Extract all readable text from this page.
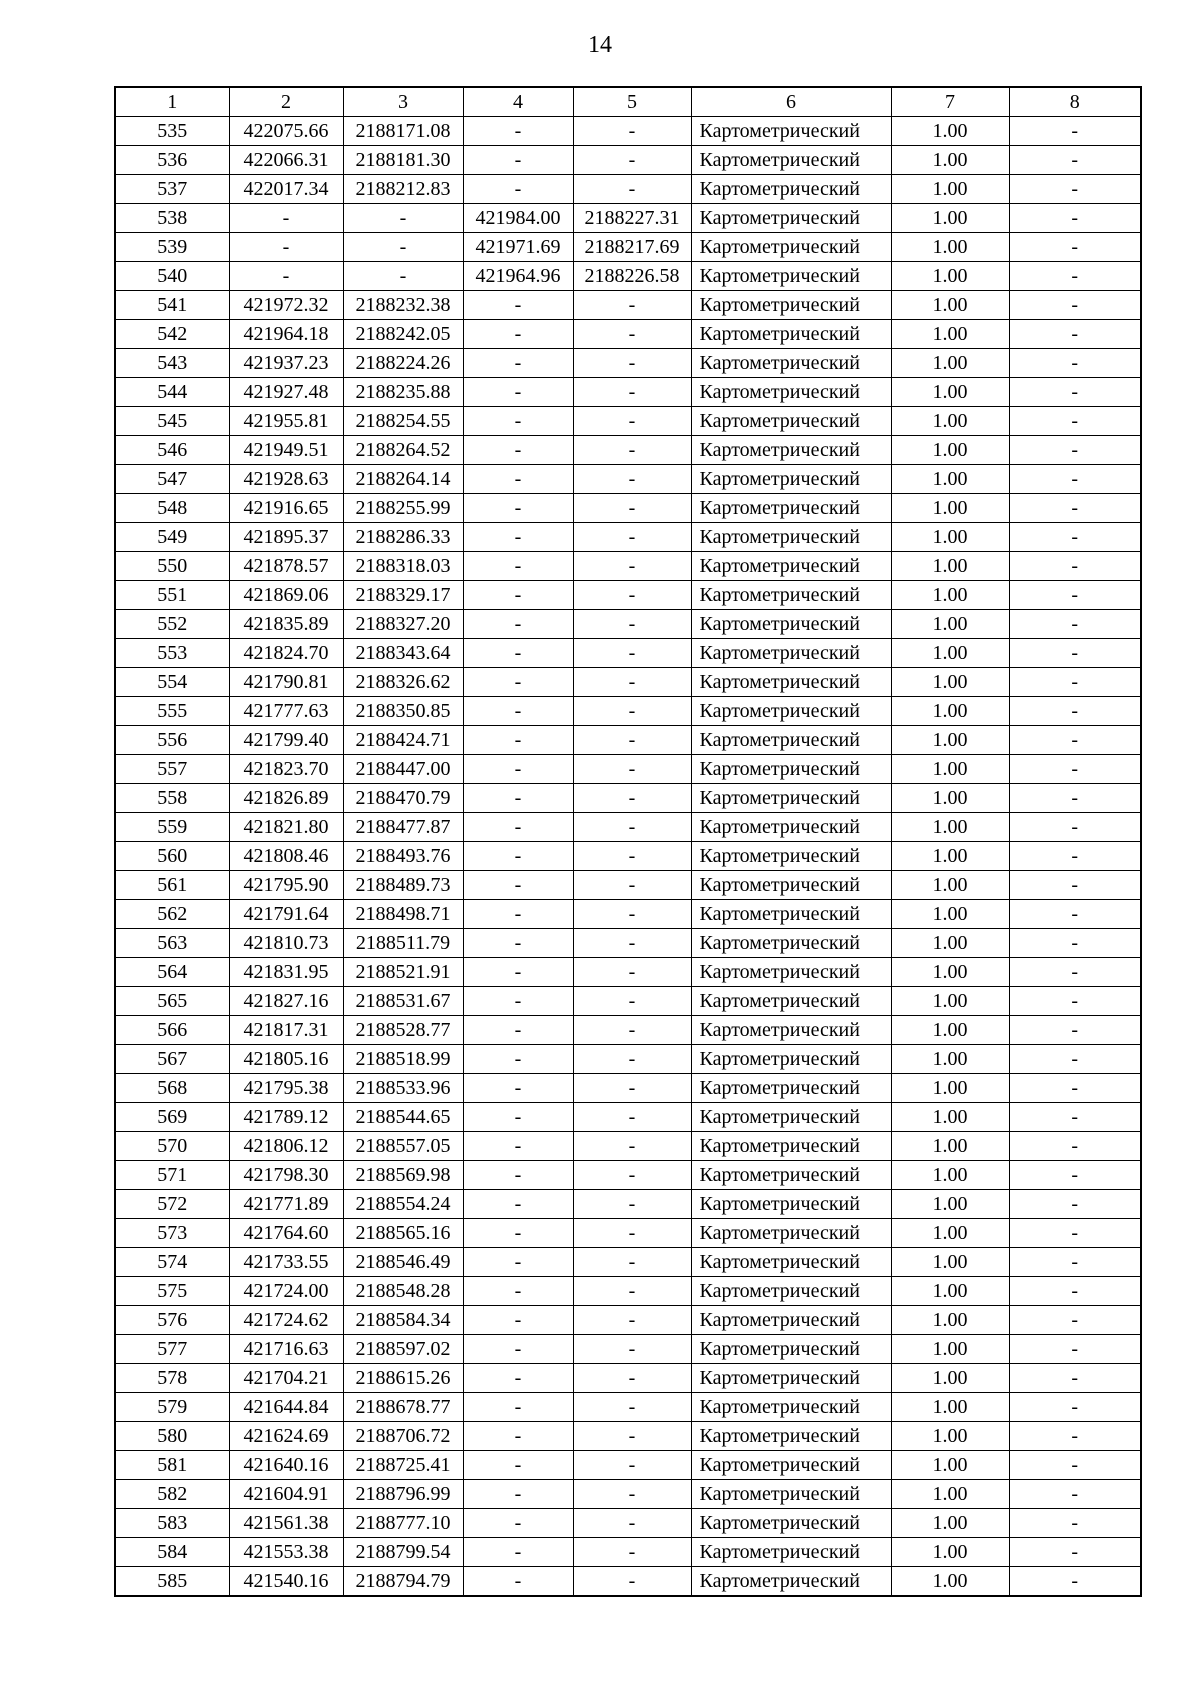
14
1	2	3	4	5	6	7	8
535	422075.66	2188171.08	-	-	Картометрический	1.00	-
536	422066.31	2188181.30	-	-	Картометрический	1.00	-
537	422017.34	2188212.83	-	-	Картометрический	1.00	-
538	-	-	421984.00	2188227.31	Картометрический	1.00	-
539	-	-	421971.69	2188217.69	Картометрический	1.00	-
540	-	-	421964.96	2188226.58	Картометрический	1.00	-
541	421972.32	2188232.38	-	-	Картометрический	1.00	-
542	421964.18	2188242.05	-	-	Картометрический	1.00	-
543	421937.23	2188224.26	-	-	Картометрический	1.00	-
544	421927.48	2188235.88	-	-	Картометрический	1.00	-
545	421955.81	2188254.55	-	-	Картометрический	1.00	-
546	421949.51	2188264.52	-	-	Картометрический	1.00	-
547	421928.63	2188264.14	-	-	Картометрический	1.00	-
548	421916.65	2188255.99	-	-	Картометрический	1.00	-
549	421895.37	2188286.33	-	-	Картометрический	1.00	-
550	421878.57	2188318.03	-	-	Картометрический	1.00	-
551	421869.06	2188329.17	-	-	Картометрический	1.00	-
552	421835.89	2188327.20	-	-	Картометрический	1.00	-
553	421824.70	2188343.64	-	-	Картометрический	1.00	-
554	421790.81	2188326.62	-	-	Картометрический	1.00	-
555	421777.63	2188350.85	-	-	Картометрический	1.00	-
556	421799.40	2188424.71	-	-	Картометрический	1.00	-
557	421823.70	2188447.00	-	-	Картометрический	1.00	-
558	421826.89	2188470.79	-	-	Картометрический	1.00	-
559	421821.80	2188477.87	-	-	Картометрический	1.00	-
560	421808.46	2188493.76	-	-	Картометрический	1.00	-
561	421795.90	2188489.73	-	-	Картометрический	1.00	-
562	421791.64	2188498.71	-	-	Картометрический	1.00	-
563	421810.73	2188511.79	-	-	Картометрический	1.00	-
564	421831.95	2188521.91	-	-	Картометрический	1.00	-
565	421827.16	2188531.67	-	-	Картометрический	1.00	-
566	421817.31	2188528.77	-	-	Картометрический	1.00	-
567	421805.16	2188518.99	-	-	Картометрический	1.00	-
568	421795.38	2188533.96	-	-	Картометрический	1.00	-
569	421789.12	2188544.65	-	-	Картометрический	1.00	-
570	421806.12	2188557.05	-	-	Картометрический	1.00	-
571	421798.30	2188569.98	-	-	Картометрический	1.00	-
572	421771.89	2188554.24	-	-	Картометрический	1.00	-
573	421764.60	2188565.16	-	-	Картометрический	1.00	-
574	421733.55	2188546.49	-	-	Картометрический	1.00	-
575	421724.00	2188548.28	-	-	Картометрический	1.00	-
576	421724.62	2188584.34	-	-	Картометрический	1.00	-
577	421716.63	2188597.02	-	-	Картометрический	1.00	-
578	421704.21	2188615.26	-	-	Картометрический	1.00	-
579	421644.84	2188678.77	-	-	Картометрический	1.00	-
580	421624.69	2188706.72	-	-	Картометрический	1.00	-
581	421640.16	2188725.41	-	-	Картометрический	1.00	-
582	421604.91	2188796.99	-	-	Картометрический	1.00	-
583	421561.38	2188777.10	-	-	Картометрический	1.00	-
584	421553.38	2188799.54	-	-	Картометрический	1.00	-
585	421540.16	2188794.79	-	-	Картометрический	1.00	-
